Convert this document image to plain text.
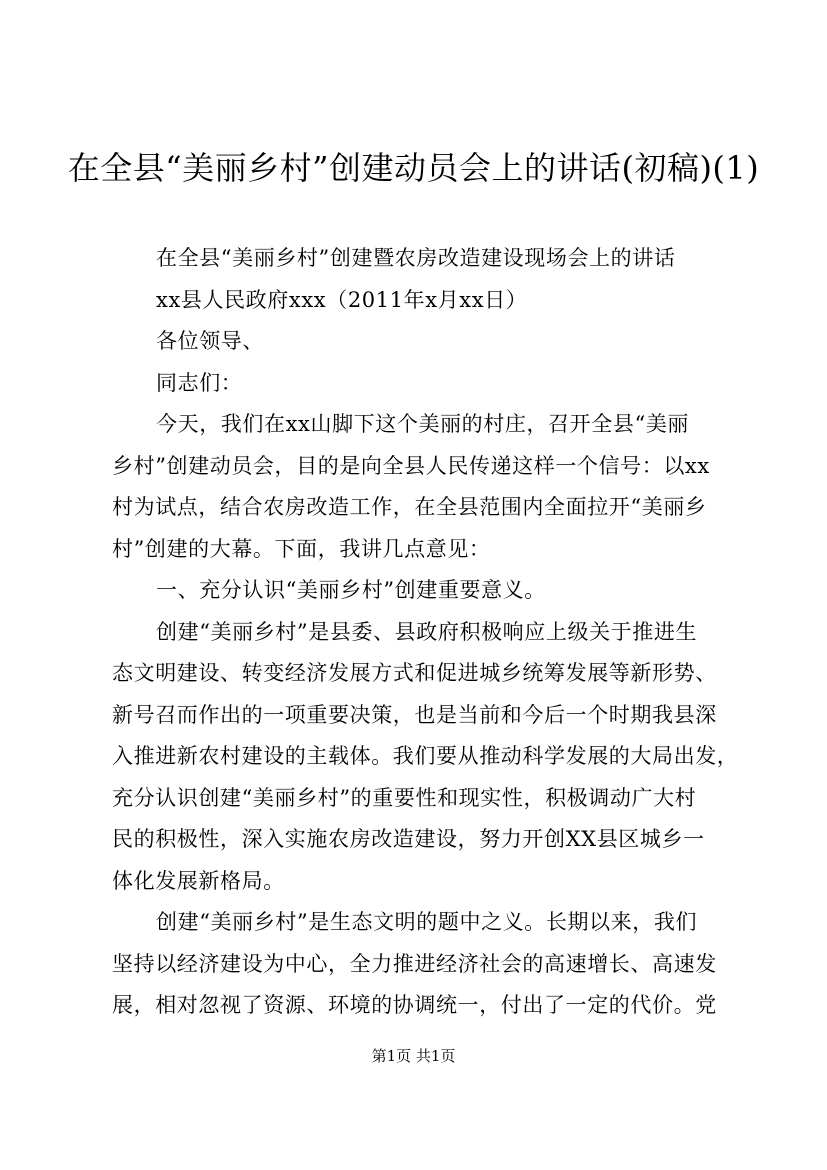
在全县“美丽乡村”创建动员会上的讲话(初稿)(1)
在全县“美丽乡村”创建暨农房改造建设现场会上的讲话
xx县人民政府xxx（2011年x月xx日）
各位领导、
同志们：
今天，我们在xx山脚下这个美丽的村庄，召开全县“美丽
乡村”创建动员会，目的是向全县人民传递这样一个信号：以xx
村为试点，结合农房改造工作，在全县范围内全面拉开“美丽乡
村”创建的大幕。下面，我讲几点意见：
一、充分认识“美丽乡村”创建重要意义。
创建“美丽乡村”是县委、县政府积极响应上级关于推进生
态文明建设、转变经济发展方式和促进城乡统筹发展等新形势、
新号召而作出的一项重要决策，也是当前和今后一个时期我县深
入推进新农村建设的主载体。我们要从推动科学发展的大局出发，
充分认识创建“美丽乡村”的重要性和现实性，积极调动广大村
民的积极性，深入实施农房改造建设，努力开创XX县区城乡一
体化发展新格局。
创建“美丽乡村”是生态文明的题中之义。长期以来，我们
坚持以经济建设为中心，全力推进经济社会的高速增长、高速发
展，相对忽视了资源、环境的协调统一，付出了一定的代价。党
第1页 共1页
